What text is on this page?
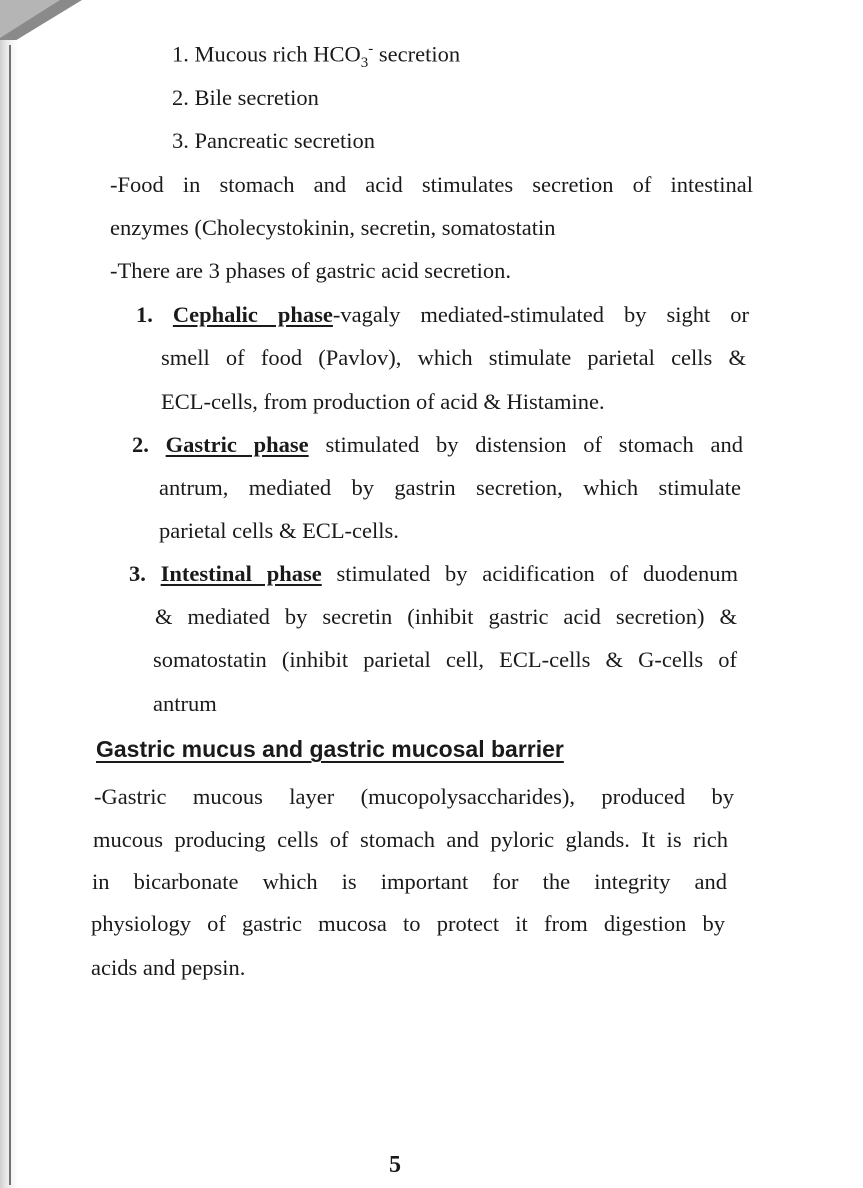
1. Mucous rich $HCO_3^-$ secretion
2. Bile secretion
3. Pancreatic secretion
-Food in stomach and acid stimulates secretion of intestinal
enzymes (Cholecystokinin, secretin, somatostatin
-There are 3 phases of gastric acid secretion.
1. Cephalic phase-vagaly mediated-stimulated by sight or
smell of food (Pavlov), which stimulate parietal cells &
ECL-cells, from production of acid & Histamine.
2. Gastric phase stimulated by distension of stomach and
antrum, mediated by gastrin secretion, which stimulate
parietal cells & ECL-cells.
3. Intestinal phase stimulated by acidification of duodenum
& mediated by secretin (inhibit gastric acid secretion) &
somatostatin (inhibit parietal cell, ECL-cells & G-cells of
antrum
Gastric mucus and gastric mucosal barrier
-Gastric mucous layer (mucopolysaccharides), produced by
mucous producing cells of stomach and pyloric glands. It is rich
in bicarbonate which is important for the integrity and
physiology of gastric mucosa to protect it from digestion by
acids and pepsin.
5
